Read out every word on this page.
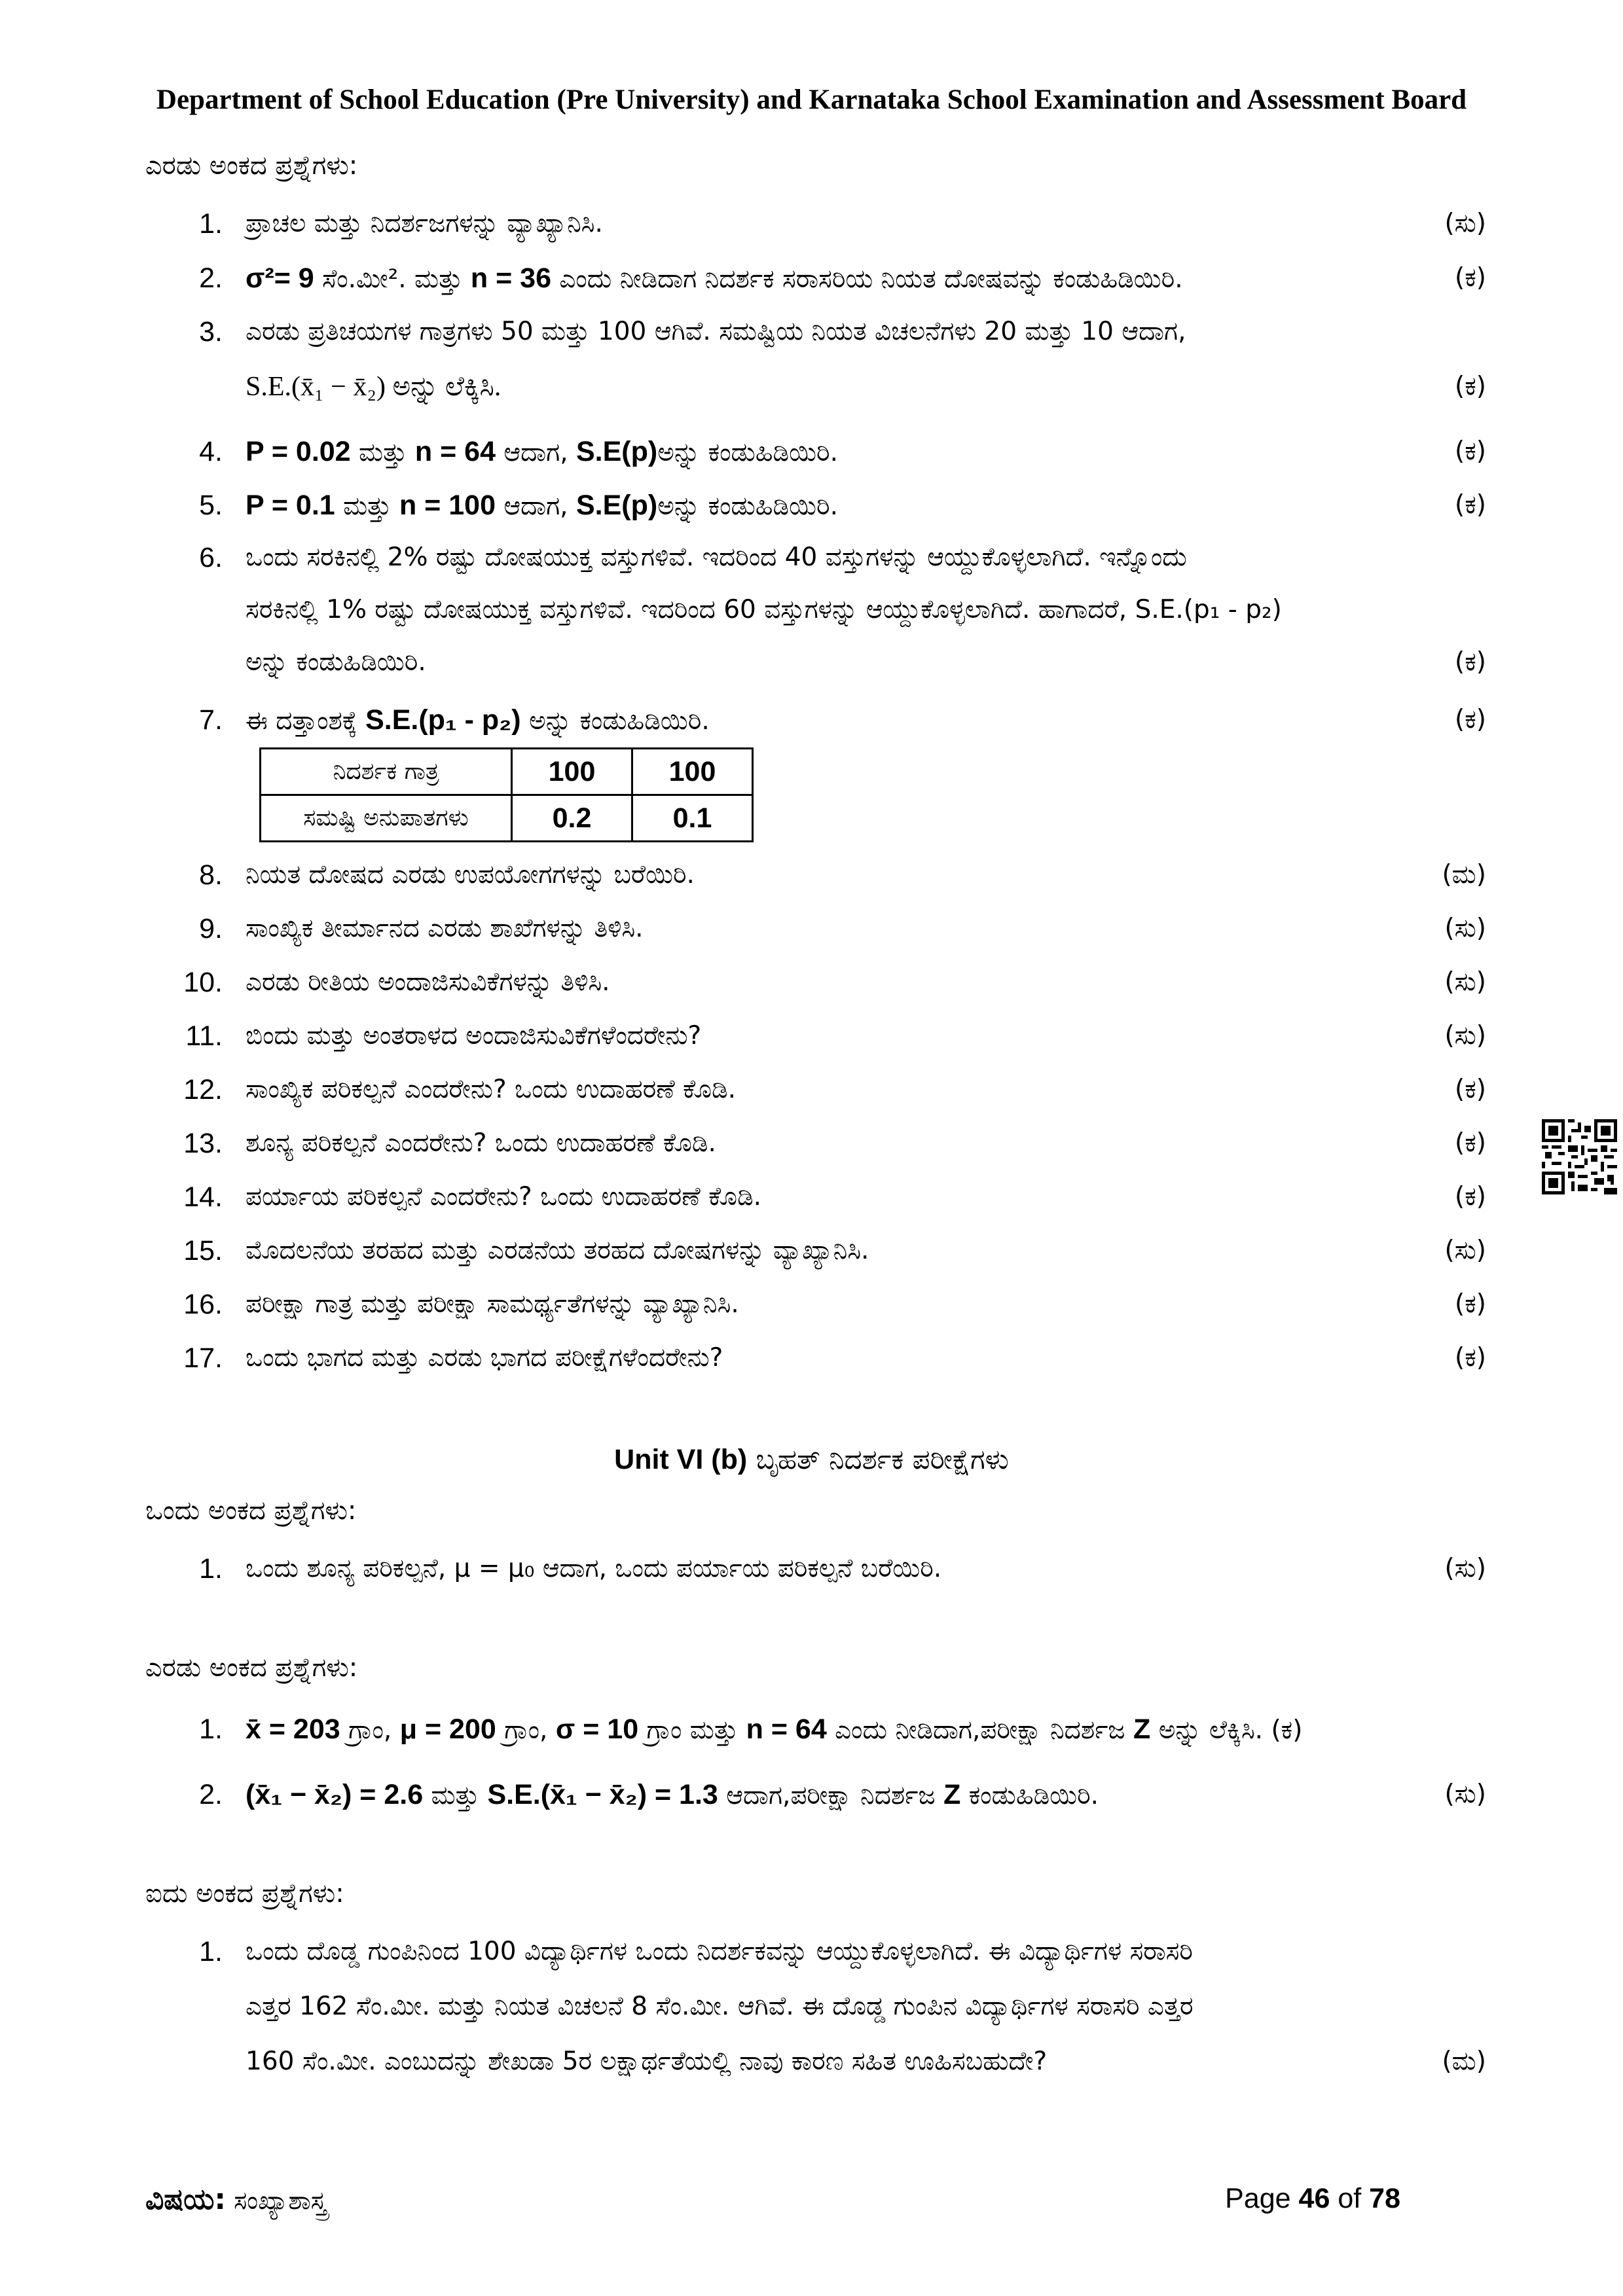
Department of School Education (Pre University) and Karnataka School Examination and Assessment Board
ಎರಡು ಅಂಕದ ಪ್ರಶ್ನೆಗಳು:
1. ಪ್ರಾಚಲ ಮತ್ತು ನಿದರ್ಶಜಗಳನ್ನು ವ್ಯಾಖ್ಯಾನಿಸಿ.	(ಸು)
2. σ²= 9 ಸೆಂ.ಮೀ². ಮತ್ತು n = 36 ಎಂದು ನೀಡಿದಾಗ ನಿದರ್ಶಕ ಸರಾಸರಿಯ ನಿಯತ ದೋಷವನ್ನು ಕಂಡುಹಿಡಿಯಿರಿ.	(ಕ)
3. ಎರಡು ಪ್ರತಿಚಯಗಳ ಗಾತ್ರಗಳು 50 ಮತ್ತು 100 ಆಗಿವೆ. ಸಮಷ್ಟಿಯ ನಿಯತ ವಿಚಲನೆಗಳು 20 ಮತ್ತು 10 ಆದಾಗ,
S.E.(x̄₁ − x̄₂) ಅನ್ನು ಲೆಕ್ಕಿಸಿ.	(ಕ)
4. P = 0.02 ಮತ್ತು n = 64 ಆದಾಗ, S.E(p)ಅನ್ನು ಕಂಡುಹಿಡಿಯಿರಿ.	(ಕ)
5. P = 0.1 ಮತ್ತು n = 100 ಆದಾಗ, S.E(p)ಅನ್ನು ಕಂಡುಹಿಡಿಯಿರಿ.	(ಕ)
6. ಒಂದು ಸರಕಿನಲ್ಲಿ 2% ರಷ್ಟು ದೋಷಯುಕ್ತ ವಸ್ತುಗಳಿವೆ. ಇದರಿಂದ 40 ವಸ್ತುಗಳನ್ನು ಆಯ್ದುಕೊಳ್ಳಲಾಗಿದೆ. ಇನ್ನೊಂದು
ಸರಕಿನಲ್ಲಿ 1% ರಷ್ಟು ದೋಷಯುಕ್ತ ವಸ್ತುಗಳಿವೆ. ಇದರಿಂದ 60 ವಸ್ತುಗಳನ್ನು ಆಯ್ದುಕೊಳ್ಳಲಾಗಿದೆ. ಹಾಗಾದರೆ, S.E.(p₁ - p₂)
ಅನ್ನು ಕಂಡುಹಿಡಿಯಿರಿ.	(ಕ)
7. ಈ ದತ್ತಾಂಶಕ್ಕೆ S.E.(p₁ - p₂) ಅನ್ನು ಕಂಡುಹಿಡಿಯಿರಿ.	(ಕ)
ನಿದರ್ಶಕ ಗಾತ್ರ	100	100
ಸಮಷ್ಟಿ ಅನುಪಾತಗಳು	0.2	0.1
8. ನಿಯತ ದೋಷದ ಎರಡು ಉಪಯೋಗಗಳನ್ನು ಬರೆಯಿರಿ.	(ಮ)
9. ಸಾಂಖ್ಯಿಕ ತೀರ್ಮಾನದ ಎರಡು ಶಾಖೆಗಳನ್ನು ತಿಳಿಸಿ.	(ಸು)
10. ಎರಡು ರೀತಿಯ ಅಂದಾಜಿಸುವಿಕೆಗಳನ್ನು ತಿಳಿಸಿ.	(ಸು)
11. ಬಿಂದು ಮತ್ತು ಅಂತರಾಳದ ಅಂದಾಜಿಸುವಿಕೆಗಳೆಂದರೇನು?	(ಸು)
12. ಸಾಂಖ್ಯಿಕ ಪರಿಕಲ್ಪನೆ ಎಂದರೇನು? ಒಂದು ಉದಾಹರಣೆ ಕೊಡಿ.	(ಕ)
13. ಶೂನ್ಯ ಪರಿಕಲ್ಪನೆ ಎಂದರೇನು? ಒಂದು ಉದಾಹರಣೆ ಕೊಡಿ.	(ಕ)
14. ಪರ್ಯಾಯ ಪರಿಕಲ್ಪನೆ ಎಂದರೇನು? ಒಂದು ಉದಾಹರಣೆ ಕೊಡಿ.	(ಕ)
15. ಮೊದಲನೆಯ ತರಹದ ಮತ್ತು ಎರಡನೆಯ ತರಹದ ದೋಷಗಳನ್ನು ವ್ಯಾಖ್ಯಾನಿಸಿ.	(ಸು)
16. ಪರೀಕ್ಷಾ ಗಾತ್ರ ಮತ್ತು ಪರೀಕ್ಷಾ ಸಾಮರ್ಥ್ಯತೆಗಳನ್ನು ವ್ಯಾಖ್ಯಾನಿಸಿ.	(ಕ)
17. ಒಂದು ಭಾಗದ ಮತ್ತು ಎರಡು ಭಾಗದ ಪರೀಕ್ಷೆಗಳೆಂದರೇನು?	(ಕ)
Unit VI (b) ಬೃಹತ್ ನಿದರ್ಶಕ ಪರೀಕ್ಷೆಗಳು
ಒಂದು ಅಂಕದ ಪ್ರಶ್ನೆಗಳು:
1. ಒಂದು ಶೂನ್ಯ ಪರಿಕಲ್ಪನೆ, μ = μ₀ ಆದಾಗ, ಒಂದು ಪರ್ಯಾಯ ಪರಿಕಲ್ಪನೆ ಬರೆಯಿರಿ.	(ಸು)
ಎರಡು ಅಂಕದ ಪ್ರಶ್ನೆಗಳು:
1. x̄ = 203 ಗ್ರಾಂ, μ = 200 ಗ್ರಾಂ, σ = 10 ಗ್ರಾಂ ಮತ್ತು n = 64 ಎಂದು ನೀಡಿದಾಗ,ಪರೀಕ್ಷಾ ನಿದರ್ಶಜ Z ಅನ್ನು ಲೆಕ್ಕಿಸಿ. (ಕ)
2. (x̄₁ − x̄₂) = 2.6 ಮತ್ತು S.E.(x̄₁ − x̄₂) = 1.3 ಆದಾಗ,ಪರೀಕ್ಷಾ ನಿದರ್ಶಜ Z ಕಂಡುಹಿಡಿಯಿರಿ.	(ಸು)
ಐದು ಅಂಕದ ಪ್ರಶ್ನೆಗಳು:
1. ಒಂದು ದೊಡ್ಡ ಗುಂಪಿನಿಂದ 100 ವಿದ್ಯಾರ್ಥಿಗಳ ಒಂದು ನಿದರ್ಶಕವನ್ನು ಆಯ್ದುಕೊಳ್ಳಲಾಗಿದೆ. ಈ ವಿದ್ಯಾರ್ಥಿಗಳ ಸರಾಸರಿ
ಎತ್ತರ 162 ಸೆಂ.ಮೀ. ಮತ್ತು ನಿಯತ ವಿಚಲನೆ 8 ಸೆಂ.ಮೀ. ಆಗಿವೆ. ಈ ದೊಡ್ಡ ಗುಂಪಿನ ವಿದ್ಯಾರ್ಥಿಗಳ ಸರಾಸರಿ ಎತ್ತರ
160 ಸೆಂ.ಮೀ. ಎಂಬುದನ್ನು ಶೇಖಡಾ 5ರ ಲಕ್ಷಾರ್ಥತೆಯಲ್ಲಿ ನಾವು ಕಾರಣ ಸಹಿತ ಊಹಿಸಬಹುದೇ?	(ಮ)
ವಿಷಯ: ಸಂಖ್ಯಾಶಾಸ್ತ್ರ	Page 46 of 78
